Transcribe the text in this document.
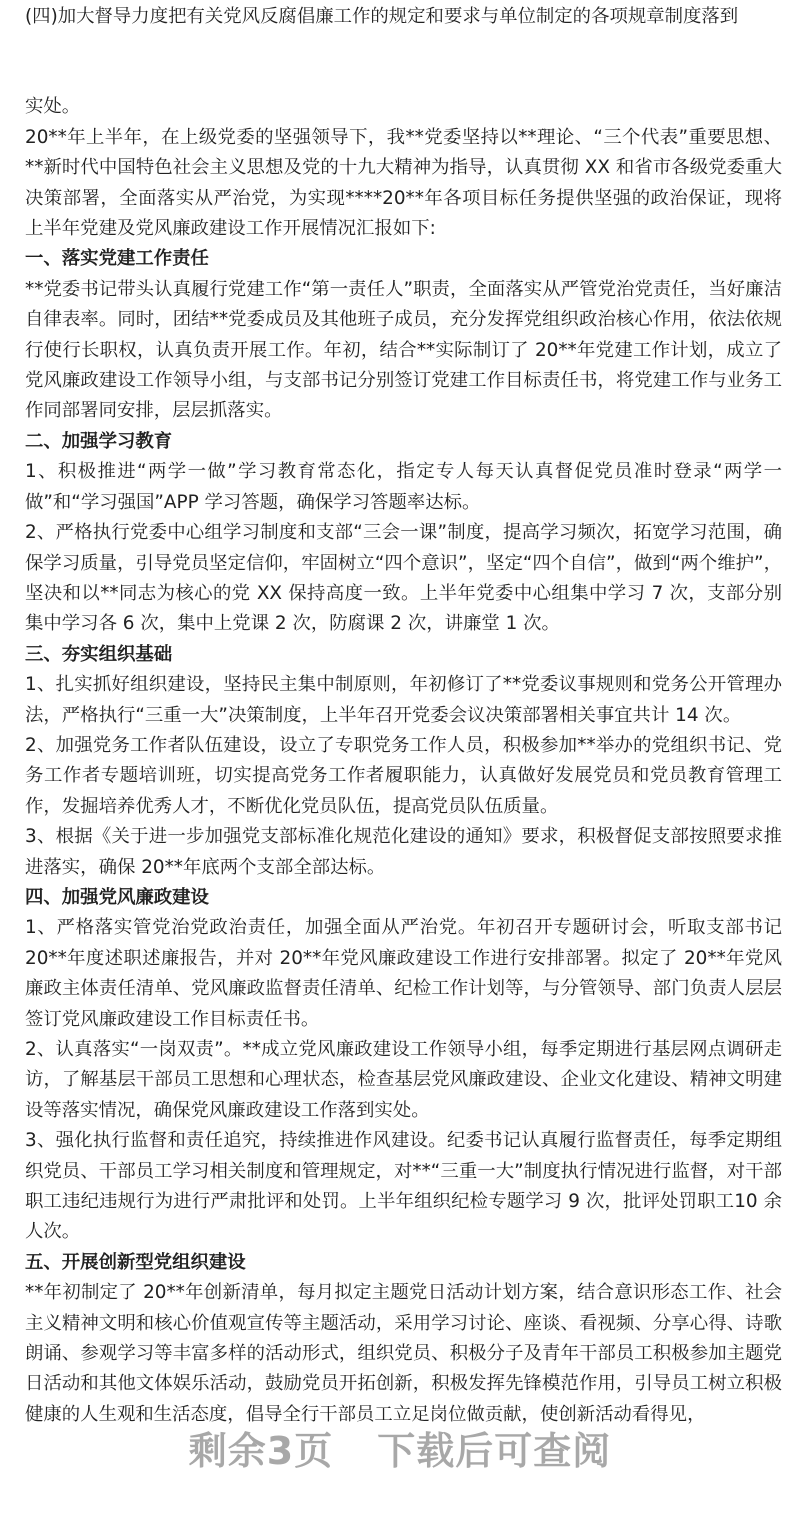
(四)加大督导力度把有关党风反腐倡廉工作的规定和要求与单位制定的各项规章制度落到

实处。

20**年上半年，在上级党委的坚强领导下，我**党委坚持以**理论、“三个代表”重要思想、**新时代中国特色社会主义思想及党的十九大精神为指导，认真贯彻 XX 和省市各级党委重大决策部署，全面落实从严治党，为实现****20**年各项目标任务提供坚强的政治保证，现将上半年党建及党风廉政建设工作开展情况汇报如下:

一、落实党建工作责任

**党委书记带头认真履行党建工作“第一责任人”职责，全面落实从严管党治党责任，当好廉洁自律表率。同时，团结**党委成员及其他班子成员，充分发挥党组织政治核心作用，依法依规行使行长职权，认真负责开展工作。年初，结合**实际制订了 20**年党建工作计划，成立了党风廉政建设工作领导小组，与支部书记分别签订党建工作目标责任书，将党建工作与业务工作同部署同安排，层层抓落实。

二、加强学习教育

1、积极推进“两学一做”学习教育常态化，指定专人每天认真督促党员准时登录“两学一做”和“学习强国”APP 学习答题，确保学习答题率达标。

2、严格执行党委中心组学习制度和支部“三会一课”制度，提高学习频次，拓宽学习范围，确保学习质量，引导党员坚定信仰，牢固树立“四个意识”，坚定“四个自信”，做到“两个维护”，坚决和以**同志为核心的党 XX 保持高度一致。上半年党委中心组集中学习 7 次，支部分别集中学习各 6 次，集中上党课 2 次，防腐课 2 次，讲廉堂 1 次。

三、夯实组织基础

1、扎实抓好组织建设，坚持民主集中制原则，年初修订了**党委议事规则和党务公开管理办法，严格执行“三重一大”决策制度，上半年召开党委会议决策部署相关事宜共计 14 次。

2、加强党务工作者队伍建设，设立了专职党务工作人员，积极参加**举办的党组织书记、党务工作者专题培训班，切实提高党务工作者履职能力，认真做好发展党员和党员教育管理工作，发掘培养优秀人才，不断优化党员队伍，提高党员队伍质量。

3、根据《关于进一步加强党支部标准化规范化建设的通知》要求，积极督促支部按照要求推进落实，确保 20**年底两个支部全部达标。

四、加强党风廉政建设

1、严格落实管党治党政治责任，加强全面从严治党。年初召开专题研讨会，听取支部书记20**年度述职述廉报告，并对 20**年党风廉政建设工作进行安排部署。拟定了 20**年党风廉政主体责任清单、党风廉政监督责任清单、纪检工作计划等，与分管领导、部门负责人层层签订党风廉政建设工作目标责任书。

2、认真落实“一岗双责”。**成立党风廉政建设工作领导小组，每季定期进行基层网点调研走访，了解基层干部员工思想和心理状态，检查基层党风廉政建设、企业文化建设、精神文明建设等落实情况，确保党风廉政建设工作落到实处。

3、强化执行监督和责任追究，持续推进作风建设。纪委书记认真履行监督责任，每季定期组织党员、干部员工学习相关制度和管理规定，对**“三重一大”制度执行情况进行监督，对干部职工违纪违规行为进行严肃批评和处罚。上半年组织纪检专题学习 9 次，批评处罚职工10 余人次。

五、开展创新型党组织建设

**年初制定了 20**年创新清单，每月拟定主题党日活动计划方案，结合意识形态工作、社会主义精神文明和核心价值观宣传等主题活动，采用学习讨论、座谈、看视频、分享心得、诗歌朗诵、参观学习等丰富多样的活动形式，组织党员、积极分子及青年干部员工积极参加主题党日活动和其他文体娱乐活动，鼓励党员开拓创新，积极发挥先锋模范作用，引导员工树立积极健康的人生观和生活态度，倡导全行干部员工立足岗位做贡献，使创新活动看得见，

剩余3页 下载后可查阅
